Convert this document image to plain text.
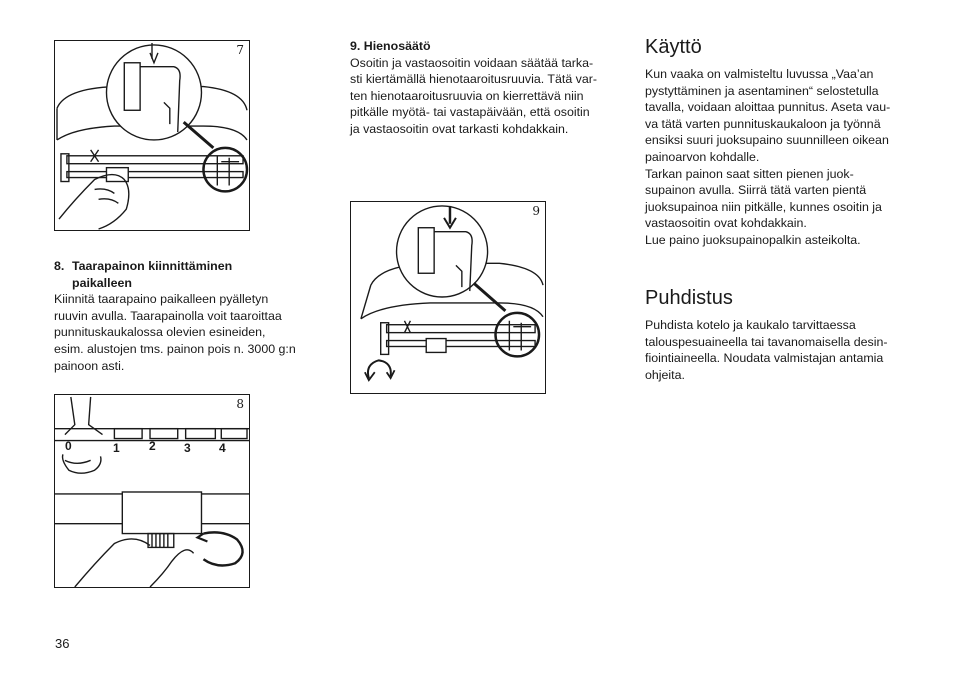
7
8. Taarapainon kiinnittäminen
paikalleen
Kiinnitä taarapaino paikalleen pyälletyn
ruuvin avulla. Taarapainolla voit taaroittaa
punnituskaukalossa olevien esineiden,
esim. alustojen tms. painon pois n. 3000 g:n
painoon asti.
0	1 2 3 4
8
9. Hienosäätö
Osoitin ja vastaosoitin voidaan säätää tarka-
sti kiertämällä hienotaaroitusruuvia. Tätä var-
ten hienotaaroitusruuvia on kierrettävä niin
pitkälle myötä- tai vastapäivään, että osoitin
ja vastaosoitin ovat tarkasti kohdakkain.
9
Käyttö
Kun vaaka on valmisteltu luvussa „Vaa’an
pystyttäminen ja asentaminen“ selostetulla
tavalla, voidaan aloittaa punnitus. Aseta vau-
va tätä varten punnituskaukaloon ja työnnä
ensiksi suuri juoksupaino suunnilleen oikean
painoarvon kohdalle.
Tarkan painon saat sitten pienen juok-
supainon avulla. Siirrä tätä varten pientä
juoksupainoa niin pitkälle, kunnes osoitin ja
vastaosoitin ovat kohdakkain.
Lue paino juoksupainopalkin asteikolta.
Puhdistus
Puhdista kotelo ja kaukalo tarvittaessa
talouspesuaineella tai tavanomaisella desin-
fiointiaineella. Noudata valmistajan antamia
ohjeita.
36
